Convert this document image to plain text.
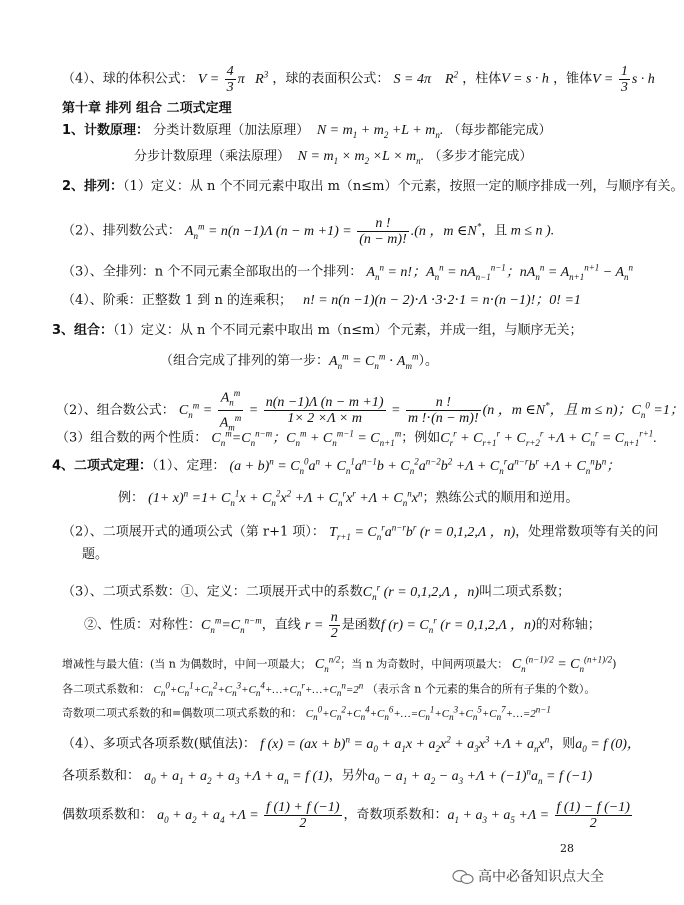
（4）、球的体积公式： $V = \frac{4}{3}$ π   $R^3$ ，球的表面积公式： S = 4π    $R^2$ ，柱体V = s · h ，锥体$V = \frac{1}{3}$ s · h
第十章 排列 组合 二项式定理
1、计数原理： 分类计数原理（加法原理）  $N = m_1 + m_2 +L + m_n$. （每步都能完成）
分步计数原理（乘法原理）  $N = m_1 \times m_2 \times L \times m_n$. （多步才能完成）
2、排列：（1）定义：从 n 个不同元素中取出 m（n≤m）个元素，按照一定的顺序排成一列，与顺序有关。
（2）、排列数公式： $A_n^m = n(n -1)\Lambda$ $(n - m +1) = \frac{n !}{(n - m)!} .(n$ ，m ∈N*，且 m ≤ n ).
（3）、全排列：n 个不同元素全部取出的一个排列： $A_n^n = n$!；$A_n^n = nA_{n-1}^{n-1}$；$nA_n^n = A_{n+1}^{n+1} - A_n^n$
（4）、阶乘：正整数 1 到 n 的连乘积；   n! = n(n −1)(n − 2)⋅Λ ⋅3⋅2⋅1 = n⋅(n −1)!；0! =1
3、组合：（1）定义：从 n 个不同元素中取出 m（n≤m）个元素，并成一组，与顺序无关；
（组合完成了排列的第一步：$A_n^m = C_n^m \cdot A_m^m$）。
（2）、组合数公式： $C_n^m = \frac{A_n^m}{A_m^m} = \frac{n(n -1)\Lambda (n - m +1)}{1\times 2 \times\Lambda \times m} = \frac{n !}{m !\cdot(n - m)!} (n$ ，m ∈N*，且 m ≤ n)；$C_n^0 =1$；
（3）组合数的两个性质： $C_n^m=C_n^{n-m}$；$C_n^m + C_n^{m-1} = C_{n+1}^m$；例如$C_r^r + C_{r+1}^r + C_{r+2}^r +\Lambda + C_n^r = C_{n+1}^{r+1}$.
4、二项式定理：（1）、定理： $(a + b)^n = C_n^0a^n + C_n^1a^{n-1}b + C_n^2a^{n-2}b^2 +\Lambda + C_n^ra^{n-r}b^r +\Lambda + C_n^nb^n$；
例： $(1+ x)^n =1+ C_n^1x + C_n^2x^2 +\Lambda + C_n^rx^r +\Lambda + C_n^nx^n$；熟练公式的顺用和逆用。
（2）、二项展开式的通项公式（第 r+1 项）： $T_{r+1} = C_n^ra^{n-r}b^r$ (r = 0,1,2,Λ ，n)，处理常数项等有关的问
题。
（3）、二项式系数：①、定义：二项展开式中的系数$C_n^r$ (r = 0,1,2,Λ ，n)叫二项式系数；
②、性质：对称性：$C_n^m=C_n^{n-m}$，直线 $r = \frac{n}{2}$ 是函数f $(r) = C_n^r$ (r = 0,1,2,Λ ，n)的对称轴；
增减性与最大值：(当 n 为偶数时，中间一项最大； $C_n^{n/2}$；当 n 为奇数时，中间两项最大： $C_n^{(n-1)/2} = C_n^{(n+1)/2}$)
各二项式系数和： $C_n^0+C_n^1+C_n^2+C_n^3+C_n^4+\dots+C_n^r+\dots+C_n^n=2^n$ （表示含 n 个元素的集合的所有子集的个数）。
奇数项二项式系数的和=偶数项二项式系数的和： $C_n^0+C_n^2+C_n^4+C_n^6+\dots=C_n^1+C_n^3+C_n^5+C_n^7+\dots=2^{n-1}$
（4）、多项式各项系数(赋值法)： f $(x) = (ax + b)^n = a_0 + a_1x + a_2x^2 + a_3x^3 +\Lambda + a_nx^n$，则$a_0 = f$ (0)，
各项系数和： $a_0 + a_1 + a_2 + a_3 +\Lambda + a_n = f$ (1)，另外$a_0 - a_1 + a_2 - a_3 +\Lambda + (-1)^na_n = f$ (−1)
偶数项系数和： $a_0 + a_2 + a_4 +\Lambda = \frac{f (1) + f (-1)}{2}$ ，奇数项系数和：$a_1 + a_3 + a_5 +\Lambda = \frac{f (1) - f (-1)}{2}$
28
高中必备知识点大全
